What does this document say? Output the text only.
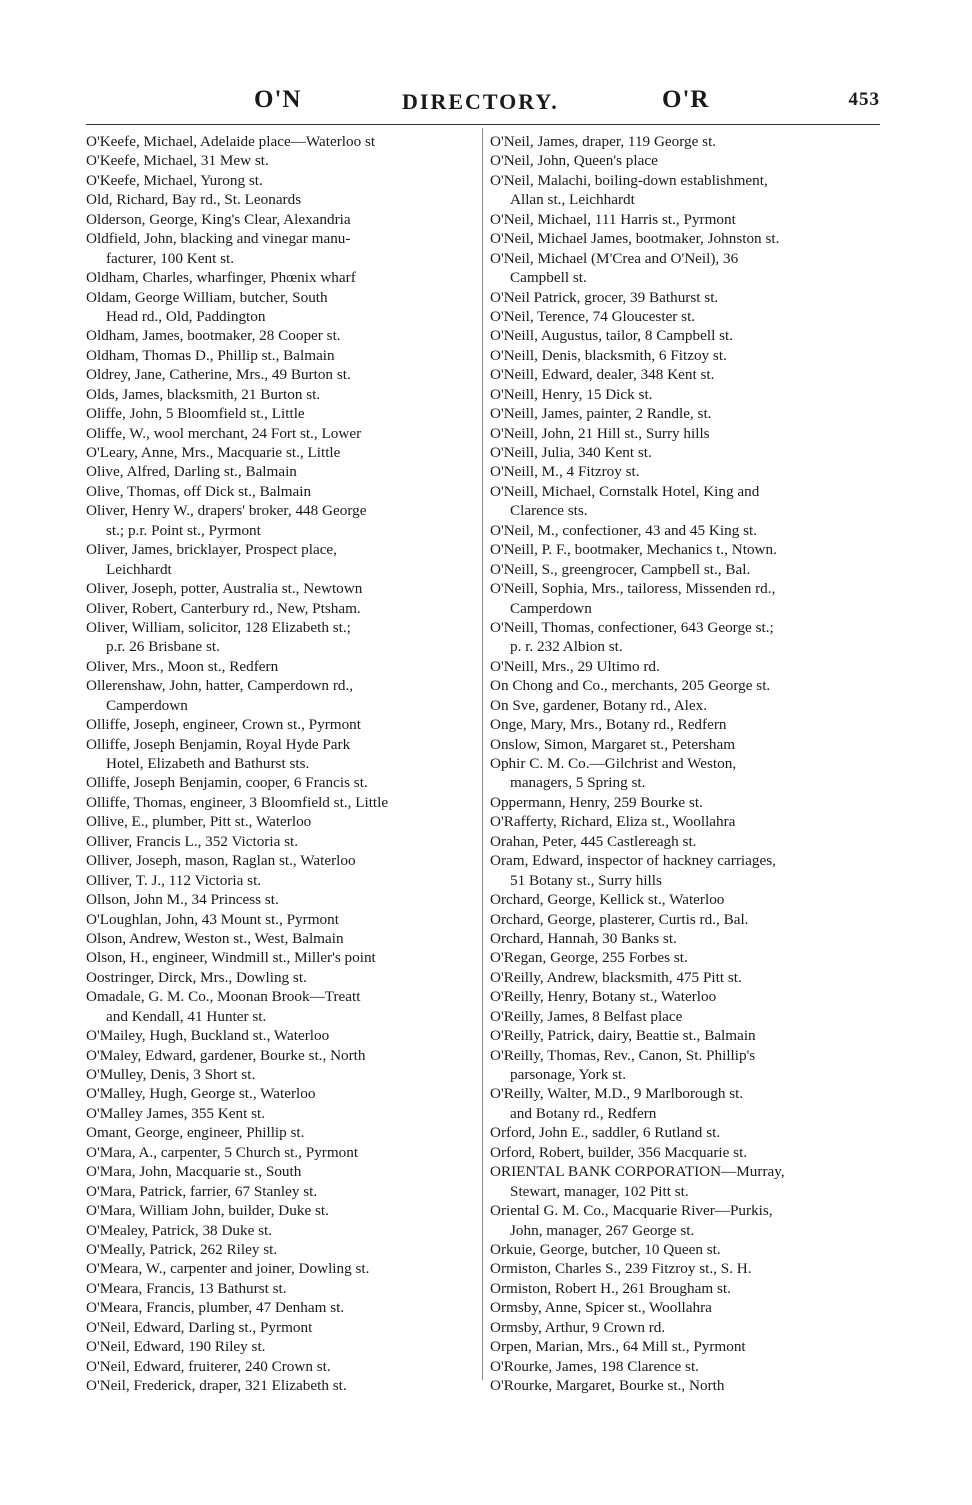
O'N	DIRECTORY.	O'R	453
O'Keefe, Michael, Adelaide place—Waterloo st
O'Keefe, Michael, 31 Mew st.
O'Keefe, Michael, Yurong st.
Old, Richard, Bay rd., St. Leonards
Olderson, George, King's Clear, Alexandria
Oldfield, John, blacking and vinegar manu-
facturer, 100 Kent st.
Oldham, Charles, wharfinger, Phœnix wharf
Oldam, George William, butcher, South
Head rd., Old, Paddington
Oldham, James, bootmaker, 28 Cooper st.
Oldham, Thomas D., Phillip st., Balmain
Oldrey, Jane, Catherine, Mrs., 49 Burton st.
Olds, James, blacksmith, 21 Burton st.
Oliffe, John, 5 Bloomfield st., Little
Oliffe, W., wool merchant, 24 Fort st., Lower
O'Leary, Anne, Mrs., Macquarie st., Little
Olive, Alfred, Darling st., Balmain
Olive, Thomas, off Dick st., Balmain
Oliver, Henry W., drapers' broker, 448 George
st.; p.r. Point st., Pyrmont
Oliver, James, bricklayer, Prospect place,
Leichhardt
Oliver, Joseph, potter, Australia st., Newtown
Oliver, Robert, Canterbury rd., New, Ptsham.
Oliver, William, solicitor, 128 Elizabeth st.;
p.r. 26 Brisbane st.
Oliver, Mrs., Moon st., Redfern
Ollerenshaw, John, hatter, Camperdown rd.,
Camperdown
Olliffe, Joseph, engineer, Crown st., Pyrmont
Olliffe, Joseph Benjamin, Royal Hyde Park
Hotel, Elizabeth and Bathurst sts.
Olliffe, Joseph Benjamin, cooper, 6 Francis st.
Olliffe, Thomas, engineer, 3 Bloomfield st., Little
Ollive, E., plumber, Pitt st., Waterloo
Olliver, Francis L., 352 Victoria st.
Olliver, Joseph, mason, Raglan st., Waterloo
Olliver, T. J., 112 Victoria st.
Ollson, John M., 34 Princess st.
O'Loughlan, John, 43 Mount st., Pyrmont
Olson, Andrew, Weston st., West, Balmain
Olson, H., engineer, Windmill st., Miller's point
Oostringer, Dirck, Mrs., Dowling st.
Omadale, G. M. Co., Moonan Brook—Treatt
and Kendall, 41 Hunter st.
O'Mailey, Hugh, Buckland st., Waterloo
O'Maley, Edward, gardener, Bourke st., North
O'Mulley, Denis, 3 Short st.
O'Malley, Hugh, George st., Waterloo
O'Malley James, 355 Kent st.
Omant, George, engineer, Phillip st.
O'Mara, A., carpenter, 5 Church st., Pyrmont
O'Mara, John, Macquarie st., South
O'Mara, Patrick, farrier, 67 Stanley st.
O'Mara, William John, builder, Duke st.
O'Mealey, Patrick, 38 Duke st.
O'Meally, Patrick, 262 Riley st.
O'Meara, W., carpenter and joiner, Dowling st.
O'Meara, Francis, 13 Bathurst st.
O'Meara, Francis, plumber, 47 Denham st.
O'Neil, Edward, Darling st., Pyrmont
O'Neil, Edward, 190 Riley st.
O'Neil, Edward, fruiterer, 240 Crown st.
O'Neil, Frederick, draper, 321 Elizabeth st.
O'Neil, James, draper, 119 George st.
O'Neil, John, Queen's place
O'Neil, Malachi, boiling-down establishment,
Allan st., Leichhardt
O'Neil, Michael, 111 Harris st., Pyrmont
O'Neil, Michael James, bootmaker, Johnston st.
O'Neil, Michael (M'Crea and O'Neil), 36
Campbell st.
O'Neil Patrick, grocer, 39 Bathurst st.
O'Neil, Terence, 74 Gloucester st.
O'Neill, Augustus, tailor, 8 Campbell st.
O'Neill, Denis, blacksmith, 6 Fitzoy st.
O'Neill, Edward, dealer, 348 Kent st.
O'Neill, Henry, 15 Dick st.
O'Neill, James, painter, 2 Randle, st.
O'Neill, John, 21 Hill st., Surry hills
O'Neill, Julia, 340 Kent st.
O'Neill, M., 4 Fitzroy st.
O'Neill, Michael, Cornstalk Hotel, King and
Clarence sts.
O'Neil, M., confectioner, 43 and 45 King st.
O'Neill, P. F., bootmaker, Mechanics t., Ntown.
O'Neill, S., greengrocer, Campbell st., Bal.
O'Neill, Sophia, Mrs., tailoress, Missenden rd.,
Camperdown
O'Neill, Thomas, confectioner, 643 George st.;
p. r. 232 Albion st.
O'Neill, Mrs., 29 Ultimo rd.
On Chong and Co., merchants, 205 George st.
On Sve, gardener, Botany rd., Alex.
Onge, Mary, Mrs., Botany rd., Redfern
Onslow, Simon, Margaret st., Petersham
Ophir C. M. Co.—Gilchrist and Weston,
managers, 5 Spring st.
Oppermann, Henry, 259 Bourke st.
O'Rafferty, Richard, Eliza st., Woollahra
Orahan, Peter, 445 Castlereagh st.
Oram, Edward, inspector of hackney carriages,
51 Botany st., Surry hills
Orchard, George, Kellick st., Waterloo
Orchard, George, plasterer, Curtis rd., Bal.
Orchard, Hannah, 30 Banks st.
O'Regan, George, 255 Forbes st.
O'Reilly, Andrew, blacksmith, 475 Pitt st.
O'Reilly, Henry, Botany st., Waterloo
O'Reilly, James, 8 Belfast place
O'Reilly, Patrick, dairy, Beattie st., Balmain
O'Reilly, Thomas, Rev., Canon, St. Phillip's
parsonage, York st.
O'Reilly, Walter, M.D., 9 Marlborough st.
and Botany rd., Redfern
Orford, John E., saddler, 6 Rutland st.
Orford, Robert, builder, 356 Macquarie st.
ORIENTAL BANK CORPORATION—Murray,
Stewart, manager, 102 Pitt st.
Oriental G. M. Co., Macquarie River—Purkis,
John, manager, 267 George st.
Orkuie, George, butcher, 10 Queen st.
Ormiston, Charles S., 239 Fitzroy st., S. H.
Ormiston, Robert H., 261 Brougham st.
Ormsby, Anne, Spicer st., Woollahra
Ormsby, Arthur, 9 Crown rd.
Orpen, Marian, Mrs., 64 Mill st., Pyrmont
O'Rourke, James, 198 Clarence st.
O'Rourke, Margaret, Bourke st., North
